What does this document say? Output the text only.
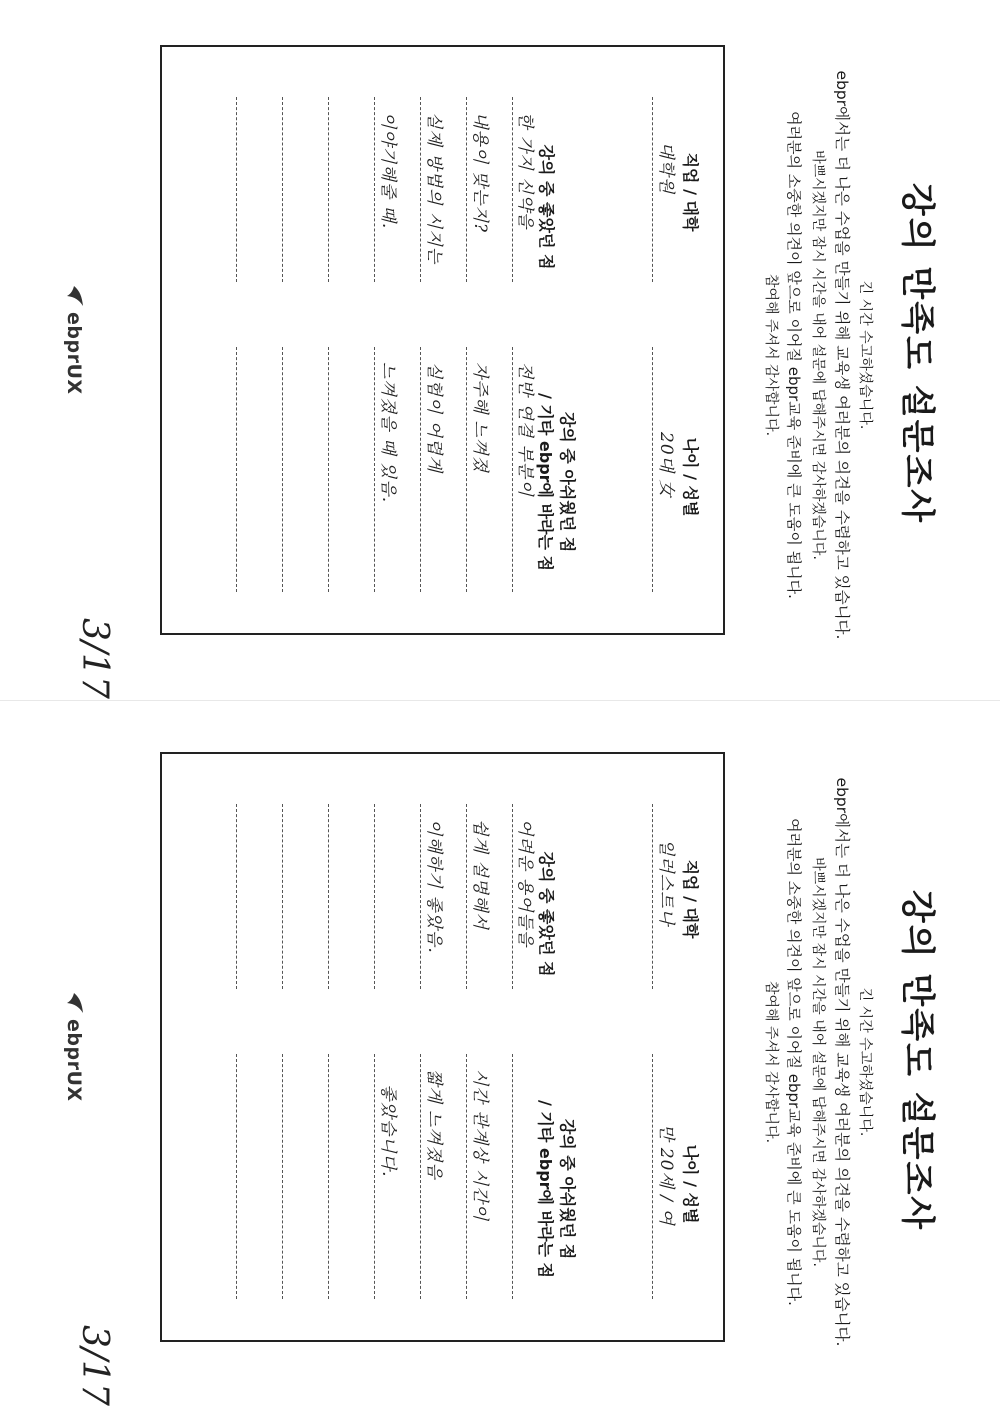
강의 만족도 설문조사
긴 시간 수고하셨습니다.
ebpr에서는 더 나은 수업을 만들기 위해 교육생 여러분의 의견을 수렴하고 있습니다.
바쁘시겠지만 잠시 시간을 내어 설문에 답해주시면 감사하겠습니다.
여러분의 소중한 의견이 앞으로 이어질 ebpr교육 준비에 큰 도움이 됩니다.
참여해 주셔서 감사합니다.
직업 / 대학
나이 / 성별
대학원
20대 女
강의 중 좋았던 점
강의 중 아쉬웠던 점
/ 기타 ebpr에 바라는 점
한 가지 신약을
내용이 맞는지?
실제 방법의 시지는
이야기해줄 때.
전반 연결 부분이
자주해 느껴졌
실험이 어렵게
느껴졌을 때 있음.
ebprUX
3/17
강의 만족도 설문조사
긴 시간 수고하셨습니다.
ebpr에서는 더 나은 수업을 만들기 위해 교육생 여러분의 의견을 수렴하고 있습니다.
바쁘시겠지만 잠시 시간을 내어 설문에 답해주시면 감사하겠습니다.
여러분의 소중한 의견이 앞으로 이어질 ebpr교육 준비에 큰 도움이 됩니다.
참여해 주셔서 감사합니다.
직업 / 대학
나이 / 성별
일러스트나
만 20세 / 여
강의 중 좋았던 점
강의 중 아쉬웠던 점
/ 기타 ebpr에 바라는 점
어려운 용어들을
쉽게 설명해서
이해하기 좋았음.
시간 관계상 시간이
짧게 느껴졌음
좋았습니다.
ebprUX
3/17
